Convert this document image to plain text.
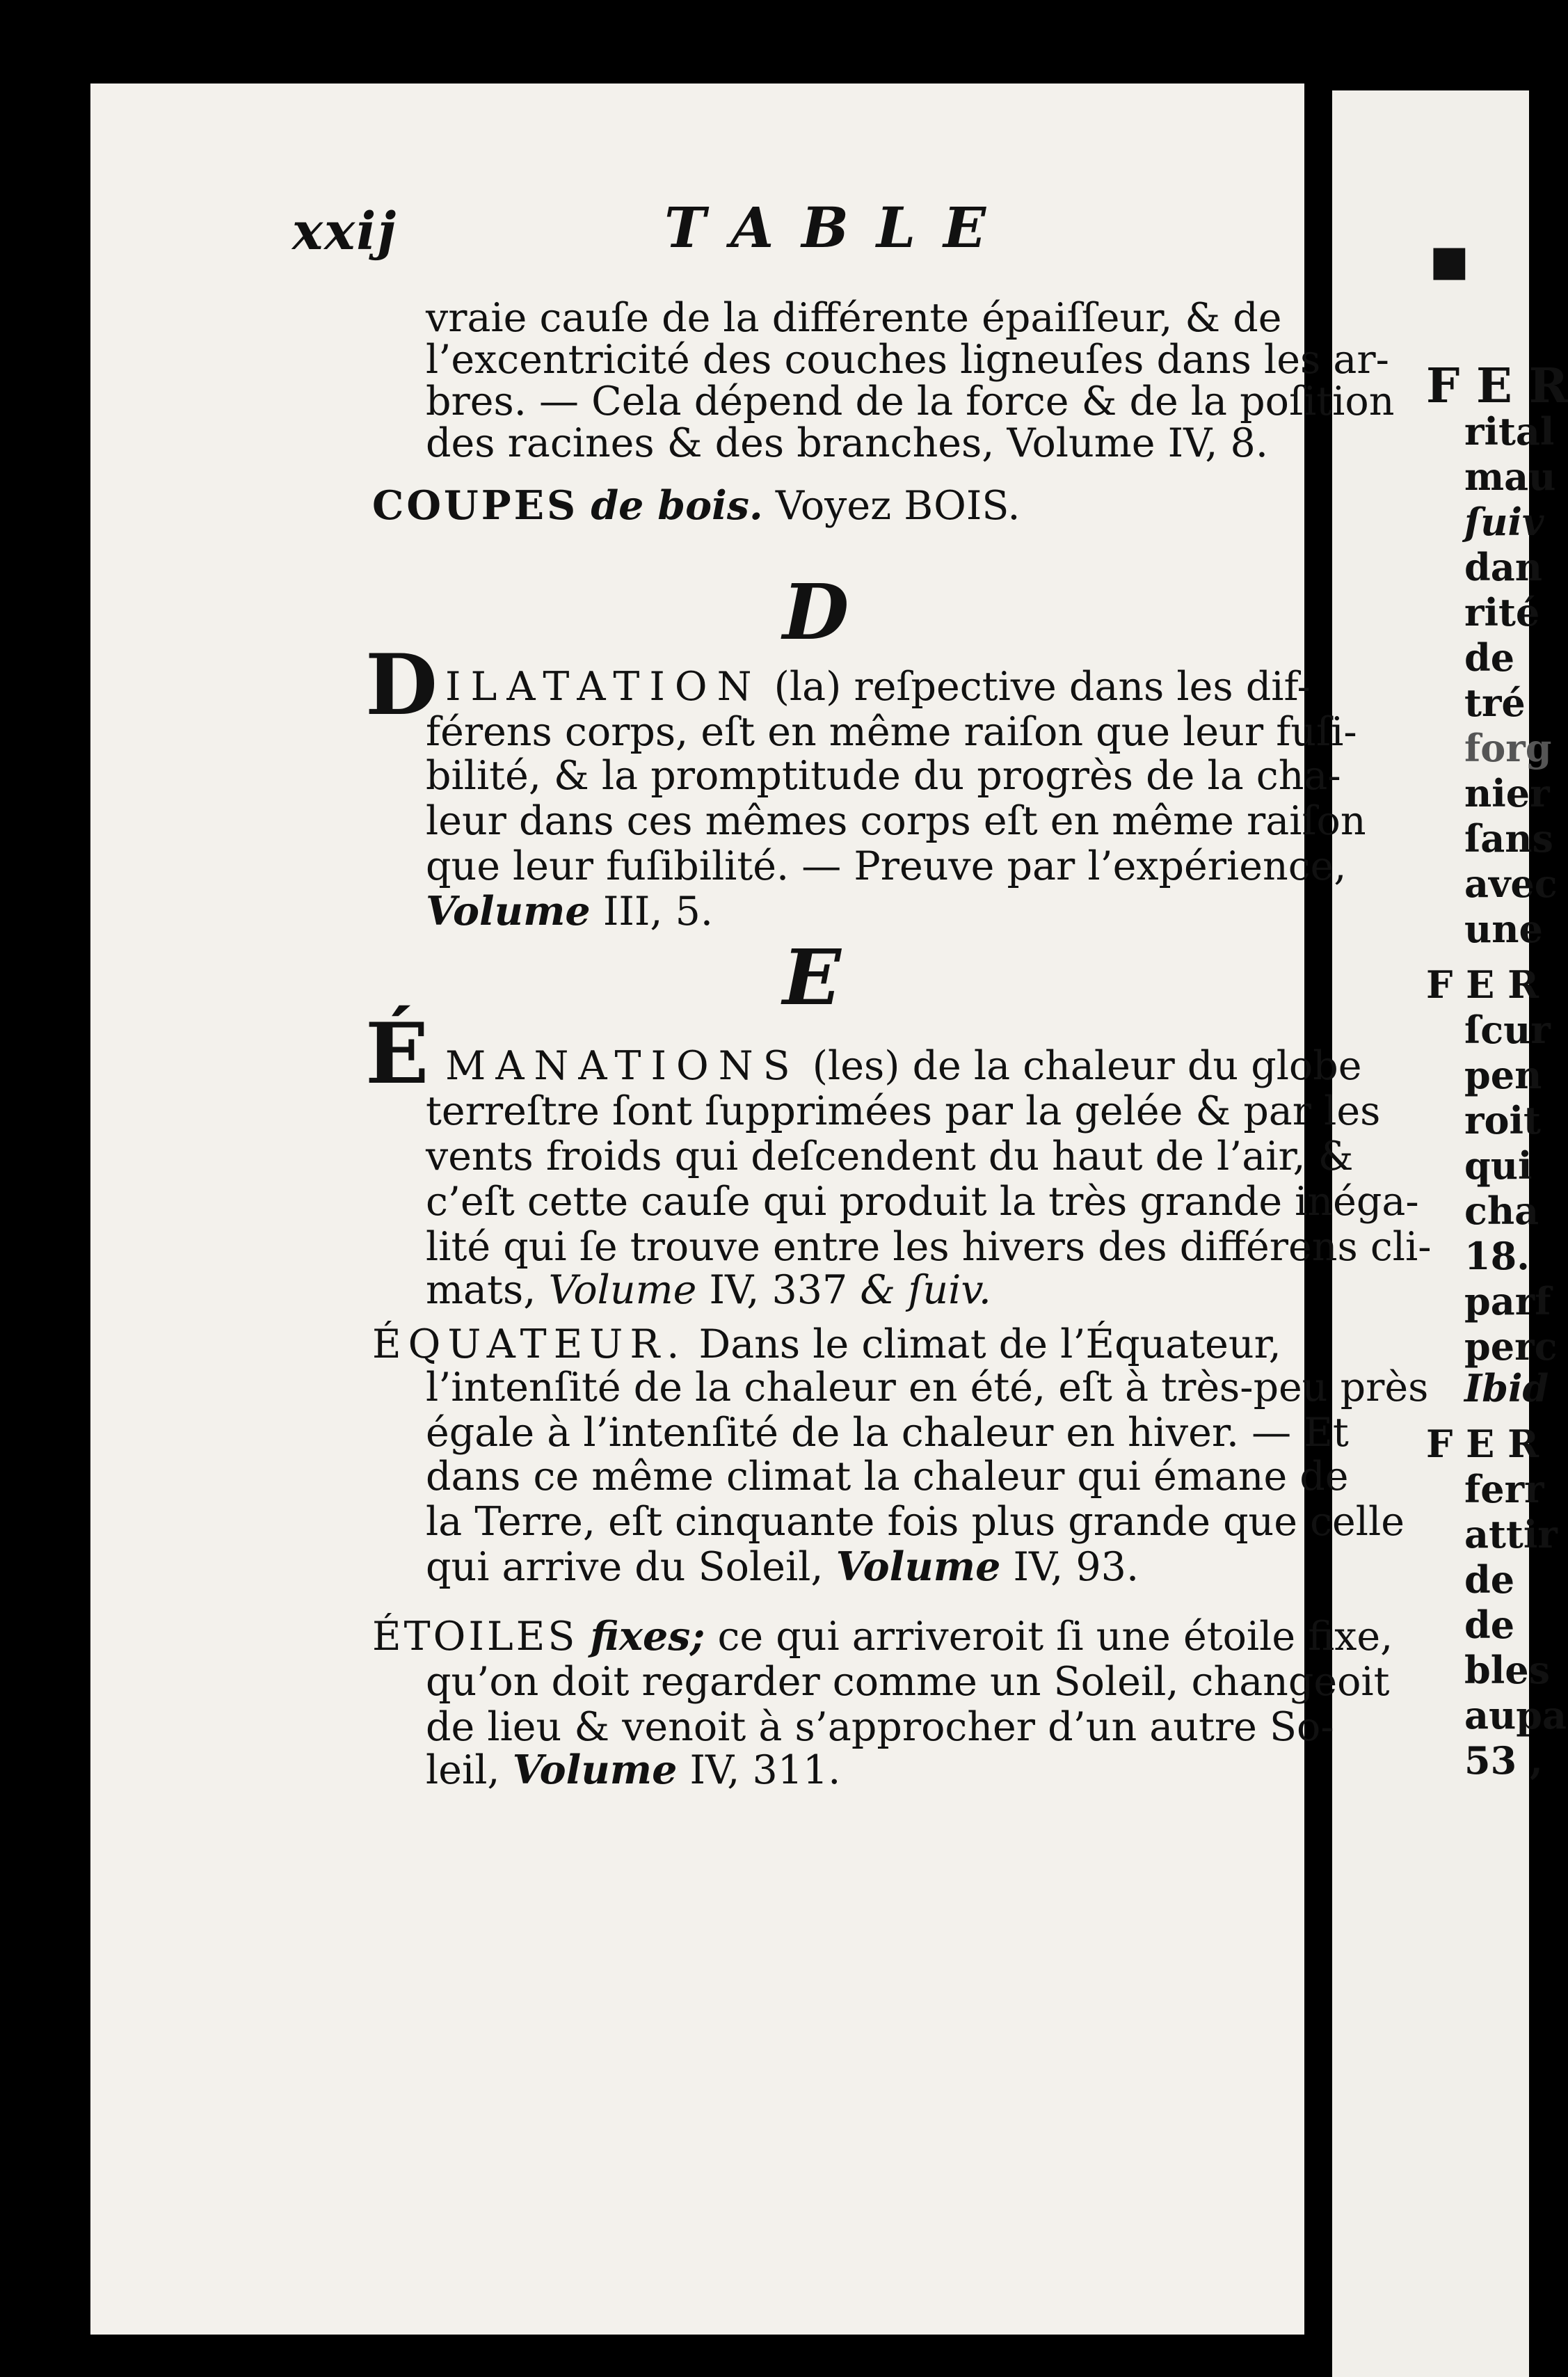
xxij	TABLE
vraie cauſe de la différente épaiſſeur, & de
l’excentricité des couches ligneuſes dans les ar-
bres. — Cela dépend de la force & de la poſition
des racines & des branches, Volume IV, 8.
COUPES de bois. Voyez BOIS.
D
D ILATATION (la) reſpective dans les dif-
férens corps, eſt en même raiſon que leur fuſi-
bilité, & la promptitude du progrès de la cha-
leur dans ces mêmes corps eſt en même raiſon
que leur fuſibilité. — Preuve par l’expérience,
Volume III, 5.
E
É MANATIONS (les) de la chaleur du globe
terreſtre ſont ſupprimées par la gelée & par les
vents froids qui deſcendent du haut de l’air, &
c’eſt cette cauſe qui produit la très grande inéga-
lité qui ſe trouve entre les hivers des différens cli-
mats, Volume IV, 337 & ſuiv.
ÉQUATEUR. Dans le climat de l’Équateur,
l’intenſité de la chaleur en été, eſt à très-peu près
égale à l’intenſité de la chaleur en hiver. — Et
dans ce même climat la chaleur qui émane de
la Terre, eſt cinquante fois plus grande que celle
qui arrive du Soleil, Volume IV, 93.
ÉTOILES fixes; ce qui arriveroit ſi une étoile fixe,
qu’on doit regarder comme un Soleil, changeoit
de lieu & venoit à s’approcher d’un autre So-
leil, Volume IV, 311.
■
F E R
rital
mau
ſuiv
dan
rité
de
tré
forg
nier
ſans
avec
une
F E R
ſcur
pen
roit
qui
cha
18.
parf
perc
Ibid
F E R
ferr
attir
de
de
bles
aupa
53 ,
